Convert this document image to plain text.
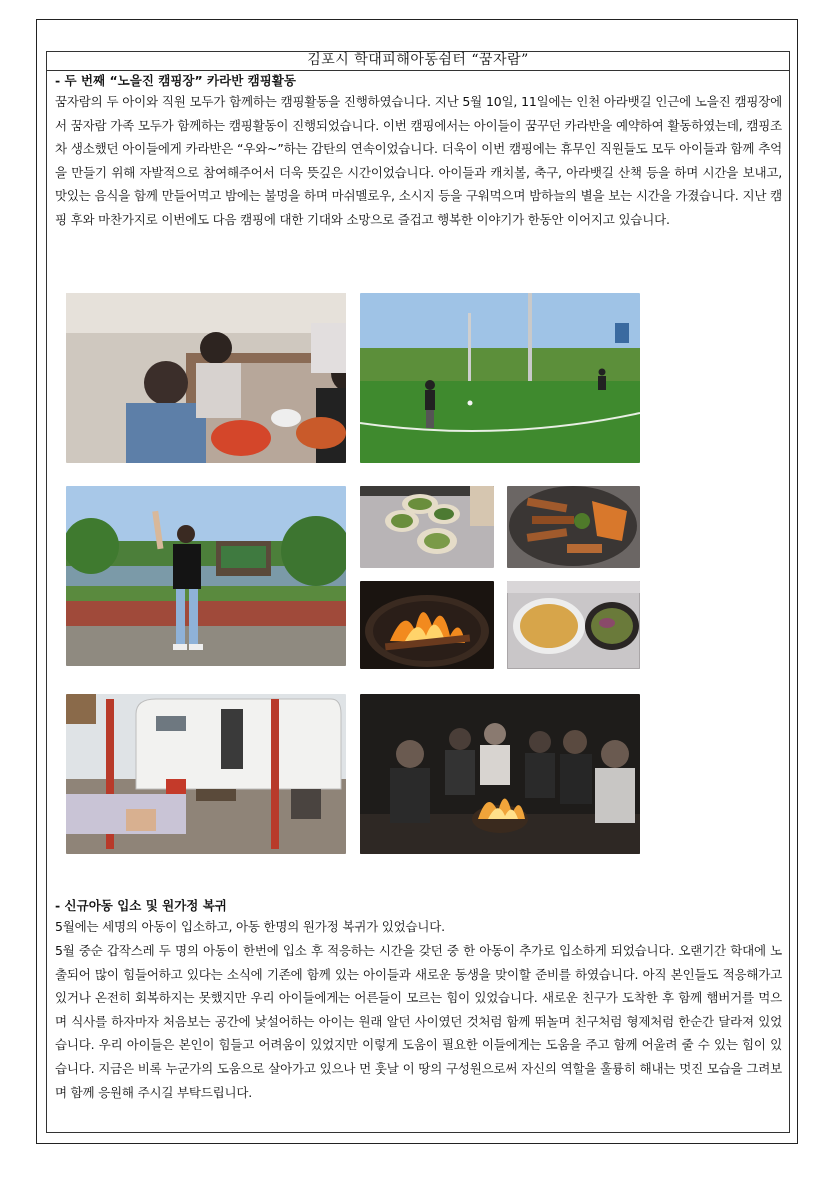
김포시 학대피해아동쉼터 “꿈자람”
- 두 번째 “노을진 캠핑장” 카라반 캠핑활동
꿈자람의 두 아이와 직원 모두가 함께하는 캠핑활동을 진행하였습니다. 지난 5월 10일, 11일에는 인천 아라뱃길 인근에 노을진 캠핑장에서 꿈자람 가족 모두가 함께하는 캠핑활동이 진행되었습니다. 이번 캠핑에서는 아이들이 꿈꾸던 카라반을 예약하여 활동하였는데, 캠핑조차 생소했던 아이들에게 카라반은 “우와~”하는 감탄의 연속이었습니다. 더욱이 이번 캠핑에는 휴무인 직원들도 모두 아이들과 함께 추억을 만들기 위해 자발적으로 참여해주어서 더욱 뜻깊은 시간이었습니다. 아이들과 캐치볼, 축구, 아라뱃길 산책 등을 하며 시간을 보내고, 맛있는 음식을 함께 만들어먹고 밤에는 불멍을 하며 마쉬멜로우, 소시지 등을 구워먹으며 밤하늘의 별을 보는 시간을 가졌습니다. 지난 캠핑 후와 마찬가지로 이번에도 다음 캠핑에 대한 기대와 소망으로 즐겁고 행복한 이야기가 한동안 이어지고 있습니다.
- 신규아동 입소 및 원가정 복귀
5월에는 세명의 아동이 입소하고, 아동 한명의 원가정 복귀가 있었습니다.
5월 중순 갑작스레 두 명의 아동이 한번에 입소 후 적응하는 시간을 갖던 중 한 아동이 추가로 입소하게 되었습니다. 오랜기간 학대에 노출되어 많이 힘들어하고 있다는 소식에 기존에 함께 있는 아이들과 새로운 동생을 맞이할 준비를 하였습니다. 아직 본인들도 적응해가고 있거나 온전히 회복하지는 못했지만 우리 아이들에게는 어른들이 모르는 힘이 있었습니다. 새로운 친구가 도착한 후 함께 햄버거를 먹으며 식사를 하자마자 처음보는 공간에 낯설어하는 아이는 원래 알던 사이였던 것처럼 함께 뛰놀며 친구처럼 형제처럼 한순간 달라져 있었습니다. 우리 아이들은 본인이 힘들고 어려움이 있었지만 이렇게 도움이 필요한 이들에게는 도움을 주고 함께 어울려 줄 수 있는 힘이 있습니다. 지금은 비록 누군가의 도움으로 살아가고 있으나 먼 훗날 이 땅의 구성원으로써 자신의 역할을 훌륭히 해내는 멋진 모습을 그려보며 함께 응원해 주시길 부탁드립니다.
